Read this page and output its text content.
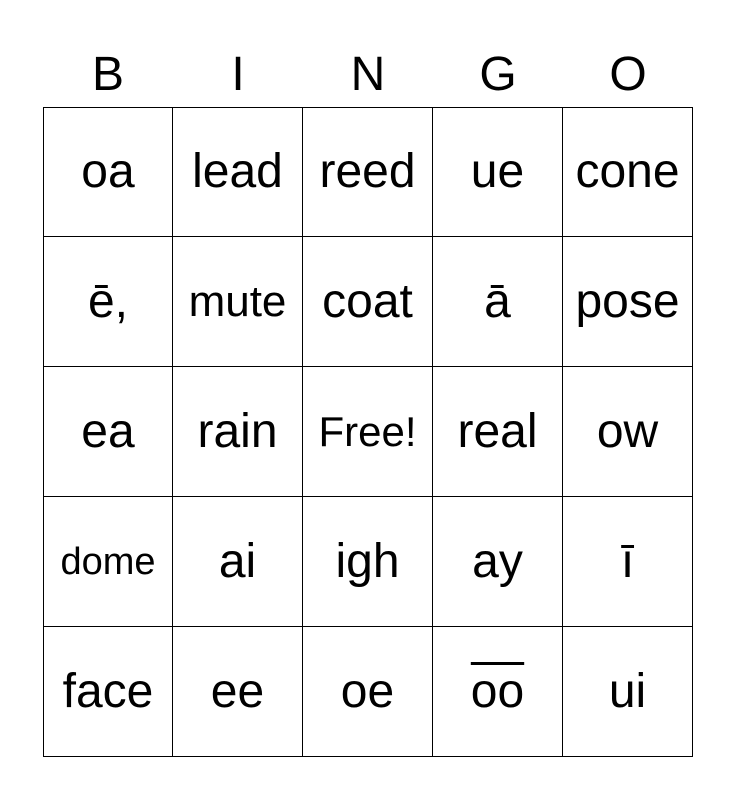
B	I	N	G	O
oa lead reed ue cone
ē, mute coat ā pose
ea rain Free! real ow
dome ai igh ay ī
face ee oe $\overline{oo}$ ui
